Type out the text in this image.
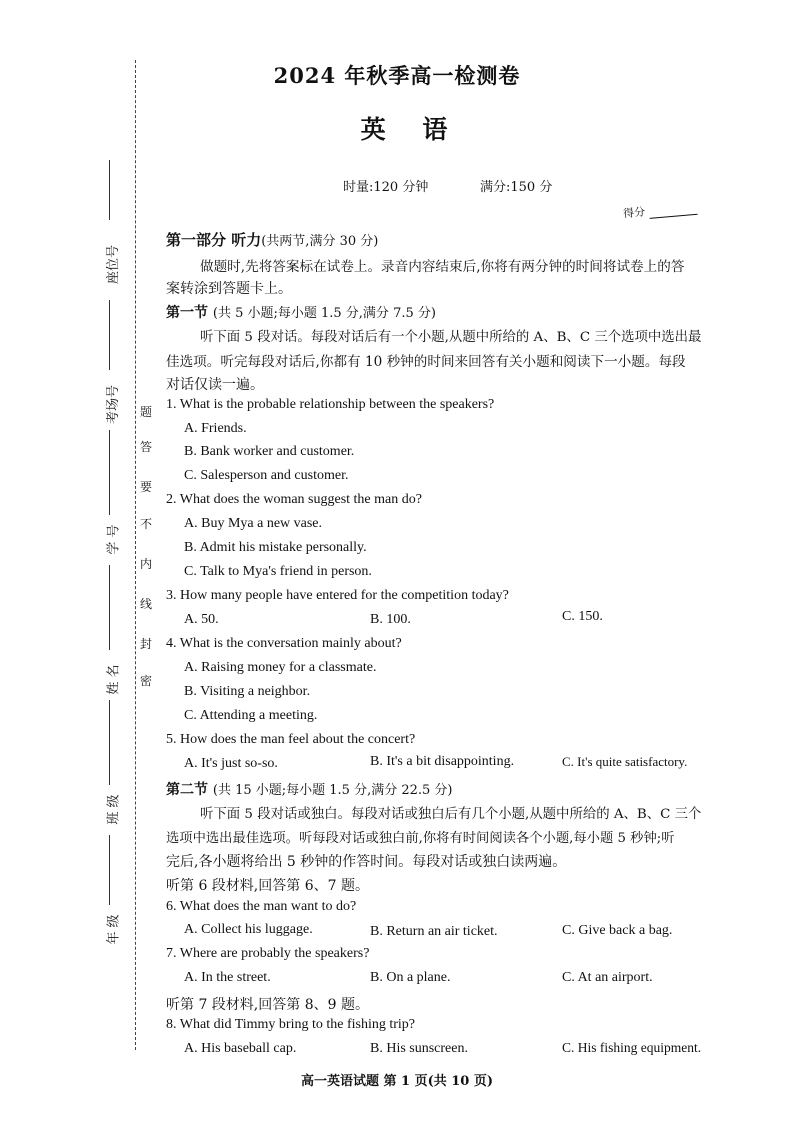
座位号
考场号
学 号
姓 名
班 级
年 级
题
答
要
不
内
线
封
密
2024 年秋季高一检测卷
英 语
时量:120 分钟	满分:150 分
得分
第一部分 听力(共两节,满分 30 分)
做题时,先将答案标在试卷上。录音内容结束后,你将有两分钟的时间将试卷上的答
案转涂到答题卡上。
第一节 (共 5 小题;每小题 1.5 分,满分 7.5 分)
听下面 5 段对话。每段对话后有一个小题,从题中所给的 A、B、C 三个选项中选出最
佳选项。听完每段对话后,你都有 10 秒钟的时间来回答有关小题和阅读下一小题。每段
对话仅读一遍。
1. What is the probable relationship between the speakers?
A. Friends.
B. Bank worker and customer.
C. Salesperson and customer.
2. What does the woman suggest the man do?
A. Buy Mya a new vase.
B. Admit his mistake personally.
C. Talk to Mya's friend in person.
3. How many people have entered for the competition today?
A. 50.	B. 100.	C. 150.
4. What is the conversation mainly about?
A. Raising money for a classmate.
B. Visiting a neighbor.
C. Attending a meeting.
5. How does the man feel about the concert?
A. It's just so-so.	B. It's a bit disappointing.	C. It's quite satisfactory.
第二节 (共 15 小题;每小题 1.5 分,满分 22.5 分)
听下面 5 段对话或独白。每段对话或独白后有几个小题,从题中所给的 A、B、C 三个
选项中选出最佳选项。听每段对话或独白前,你将有时间阅读各个小题,每小题 5 秒钟;听
完后,各小题将给出 5 秒钟的作答时间。每段对话或独白读两遍。
听第 6 段材料,回答第 6、7 题。
6. What does the man want to do?
A. Collect his luggage.	B. Return an air ticket.	C. Give back a bag.
7. Where are probably the speakers?
A. In the street.	B. On a plane.	C. At an airport.
听第 7 段材料,回答第 8、9 题。
8. What did Timmy bring to the fishing trip?
A. His baseball cap.	B. His sunscreen.	C. His fishing equipment.
高一英语试题 第 1 页(共 10 页)
